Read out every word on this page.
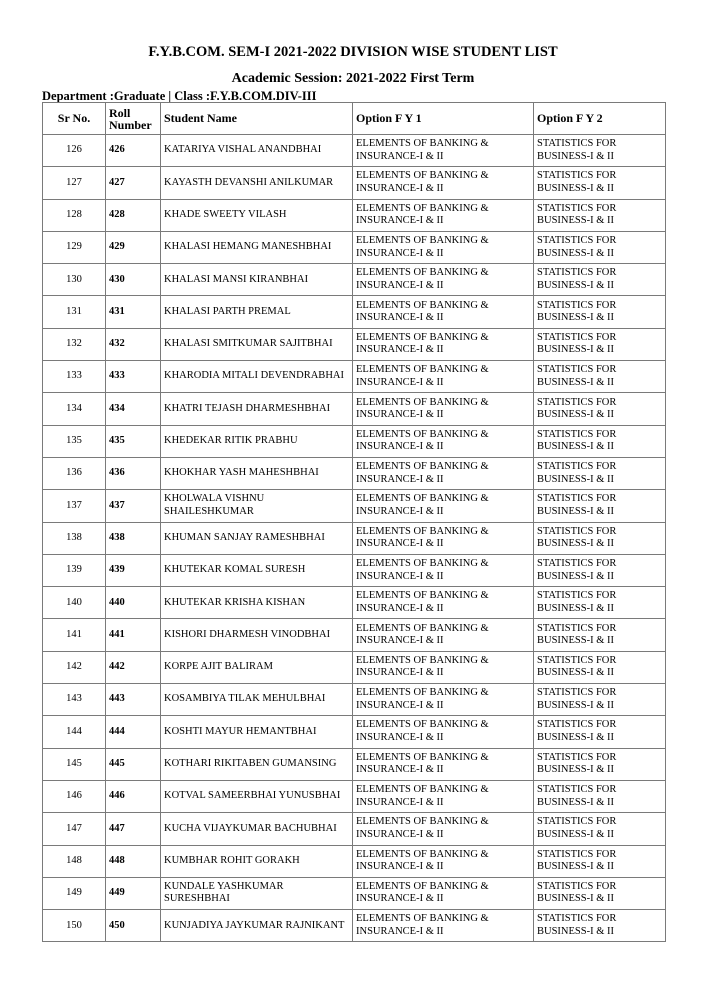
F.Y.B.COM. SEM-I 2021-2022 DIVISION WISE STUDENT LIST
Academic Session: 2021-2022 First Term
Department :Graduate | Class :F.Y.B.COM.DIV-III
Sr No.	Roll Number	Student Name	Option F Y 1	Option F Y 2
126	426	KATARIYA VISHAL ANANDBHAI	ELEMENTS OF BANKING & INSURANCE-I & II	STATISTICS FOR BUSINESS-I & II
127	427	KAYASTH DEVANSHI ANILKUMAR	ELEMENTS OF BANKING & INSURANCE-I & II	STATISTICS FOR BUSINESS-I & II
128	428	KHADE SWEETY VILASH	ELEMENTS OF BANKING & INSURANCE-I & II	STATISTICS FOR BUSINESS-I & II
129	429	KHALASI HEMANG MANESHBHAI	ELEMENTS OF BANKING & INSURANCE-I & II	STATISTICS FOR BUSINESS-I & II
130	430	KHALASI MANSI KIRANBHAI	ELEMENTS OF BANKING & INSURANCE-I & II	STATISTICS FOR BUSINESS-I & II
131	431	KHALASI PARTH PREMAL	ELEMENTS OF BANKING & INSURANCE-I & II	STATISTICS FOR BUSINESS-I & II
132	432	KHALASI SMITKUMAR SAJITBHAI	ELEMENTS OF BANKING & INSURANCE-I & II	STATISTICS FOR BUSINESS-I & II
133	433	KHARODIA MITALI DEVENDRABHAI	ELEMENTS OF BANKING & INSURANCE-I & II	STATISTICS FOR BUSINESS-I & II
134	434	KHATRI TEJASH DHARMESHBHAI	ELEMENTS OF BANKING & INSURANCE-I & II	STATISTICS FOR BUSINESS-I & II
135	435	KHEDEKAR RITIK PRABHU	ELEMENTS OF BANKING & INSURANCE-I & II	STATISTICS FOR BUSINESS-I & II
136	436	KHOKHAR YASH MAHESHBHAI	ELEMENTS OF BANKING & INSURANCE-I & II	STATISTICS FOR BUSINESS-I & II
137	437	KHOLWALA VISHNU SHAILESHKUMAR	ELEMENTS OF BANKING & INSURANCE-I & II	STATISTICS FOR BUSINESS-I & II
138	438	KHUMAN SANJAY RAMESHBHAI	ELEMENTS OF BANKING & INSURANCE-I & II	STATISTICS FOR BUSINESS-I & II
139	439	KHUTEKAR KOMAL SURESH	ELEMENTS OF BANKING & INSURANCE-I & II	STATISTICS FOR BUSINESS-I & II
140	440	KHUTEKAR KRISHA KISHAN	ELEMENTS OF BANKING & INSURANCE-I & II	STATISTICS FOR BUSINESS-I & II
141	441	KISHORI DHARMESH VINODBHAI	ELEMENTS OF BANKING & INSURANCE-I & II	STATISTICS FOR BUSINESS-I & II
142	442	KORPE AJIT BALIRAM	ELEMENTS OF BANKING & INSURANCE-I & II	STATISTICS FOR BUSINESS-I & II
143	443	KOSAMBIYA TILAK MEHULBHAI	ELEMENTS OF BANKING & INSURANCE-I & II	STATISTICS FOR BUSINESS-I & II
144	444	KOSHTI MAYUR HEMANTBHAI	ELEMENTS OF BANKING & INSURANCE-I & II	STATISTICS FOR BUSINESS-I & II
145	445	KOTHARI RIKITABEN GUMANSING	ELEMENTS OF BANKING & INSURANCE-I & II	STATISTICS FOR BUSINESS-I & II
146	446	KOTVAL SAMEERBHAI YUNUSBHAI	ELEMENTS OF BANKING & INSURANCE-I & II	STATISTICS FOR BUSINESS-I & II
147	447	KUCHA VIJAYKUMAR BACHUBHAI	ELEMENTS OF BANKING & INSURANCE-I & II	STATISTICS FOR BUSINESS-I & II
148	448	KUMBHAR ROHIT GORAKH	ELEMENTS OF BANKING & INSURANCE-I & II	STATISTICS FOR BUSINESS-I & II
149	449	KUNDALE YASHKUMAR SURESHBHAI	ELEMENTS OF BANKING & INSURANCE-I & II	STATISTICS FOR BUSINESS-I & II
150	450	KUNJADIYA JAYKUMAR RAJNIKANT	ELEMENTS OF BANKING & INSURANCE-I & II	STATISTICS FOR BUSINESS-I & II
